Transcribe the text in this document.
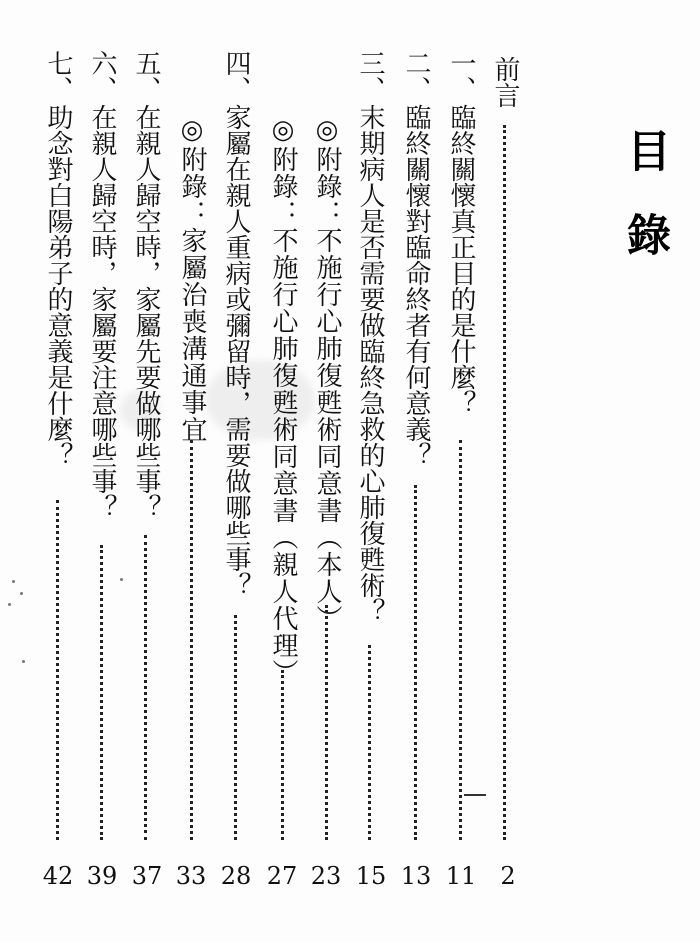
目錄
前言
2
一
、
臨終關懷真正目的是什麼？
11
二
、
臨終關懷對臨命終者有何意義？
13
三
、
末期病人是否需要做臨終急救的心肺復甦術？
15
◎附錄：不施行心肺復甦術同意書（本人）
23
◎附錄：不施行心肺復甦術同意書（親人代理）
27
四
、
家屬在親人重病或彌留時，需要做哪些事？
28
◎附錄：家屬治喪溝通事宜
33
五
、
在親人歸空時，家屬先要做哪些事？
37
六
、
在親人歸空時，家屬要注意哪些事？
39
七
、
助念對白陽弟子的意義是什麼？
42
